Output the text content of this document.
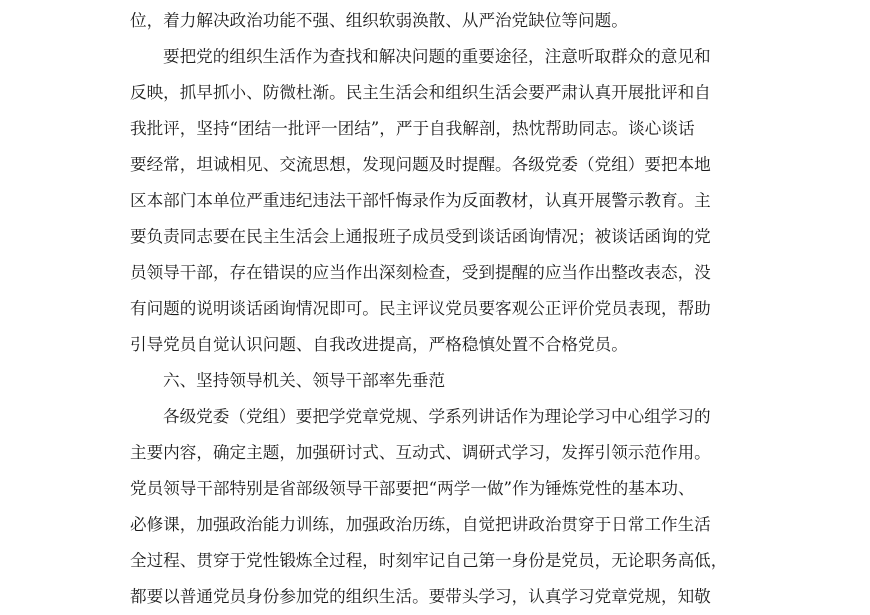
位，着力解决政治功能不强、组织软弱涣散、从严治党缺位等问题。
要把党的组织生活作为查找和解决问题的重要途径，注意听取群众的意见和
反映，抓早抓小、防微杜渐。民主生活会和组织生活会要严肃认真开展批评和自
我批评，坚持“团结一批评一团结”，严于自我解剖，热忱帮助同志。谈心谈话
要经常，坦诚相见、交流思想，发现问题及时提醒。各级党委（党组）要把本地
区本部门本单位严重违纪违法干部忏悔录作为反面教材，认真开展警示教育。主
要负责同志要在民主生活会上通报班子成员受到谈话函询情况；被谈话函询的党
员领导干部，存在错误的应当作出深刻检查，受到提醒的应当作出整改表态，没
有问题的说明谈话函询情况即可。民主评议党员要客观公正评价党员表现，帮助
引导党员自觉认识问题、自我改进提高，严格稳慎处置不合格党员。
六、坚持领导机关、领导干部率先垂范
各级党委（党组）要把学党章党规、学系列讲话作为理论学习中心组学习的
主要内容，确定主题，加强研讨式、互动式、调研式学习，发挥引领示范作用。
党员领导干部特别是省部级领导干部要把“两学一做”作为锤炼党性的基本功、
必修课，加强政治能力训练，加强政治历练，自觉把讲政治贯穿于日常工作生活
全过程、贯穿于党性锻炼全过程，时刻牢记自己第一身份是党员，无论职务高低，
都要以普通党员身份参加党的组织生活。要带头学习，认真学习党章党规，知敬
